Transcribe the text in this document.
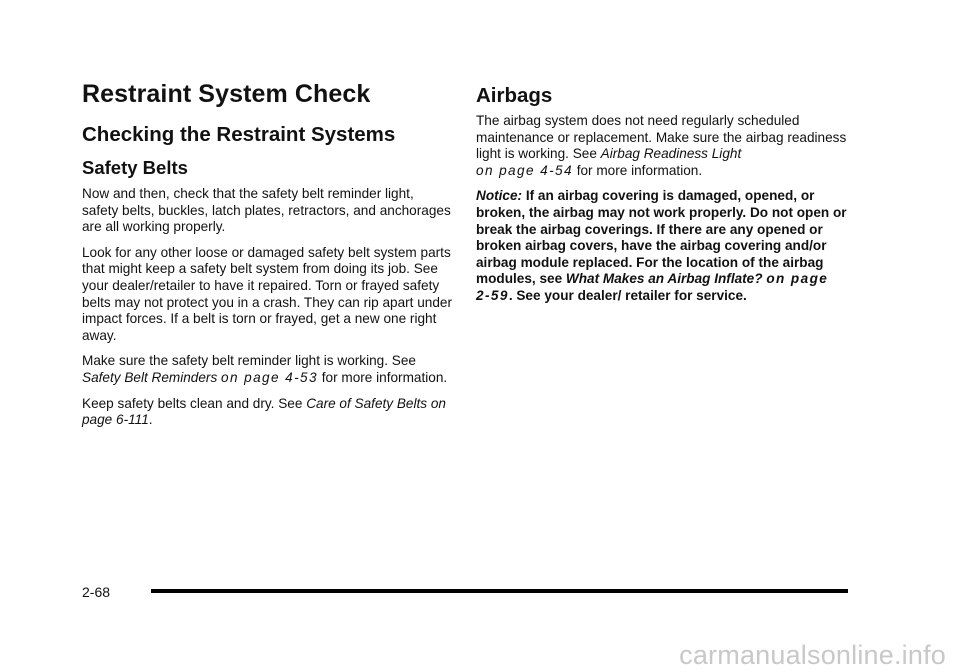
Restraint System Check
Checking the Restraint Systems
Safety Belts

Now and then, check that the safety belt reminder light, safety belts, buckles, latch plates, retractors, and anchorages are all working properly.

Look for any other loose or damaged safety belt system parts that might keep a safety belt system from doing its job. See your dealer/retailer to have it repaired. Torn or frayed safety belts may not protect you in a crash. They can rip apart under impact forces. If a belt is torn or frayed, get a new one right away.

Make sure the safety belt reminder light is working. See Safety Belt Reminders on page 4-53 for more information.

Keep safety belts clean and dry. See Care of Safety Belts on page 6-111.

Airbags

The airbag system does not need regularly scheduled maintenance or replacement. Make sure the airbag readiness light is working. See Airbag Readiness Light
on page 4-54 for more information.

Notice: If an airbag covering is damaged, opened, or broken, the airbag may not work properly. Do not open or break the airbag coverings. If there are any opened or broken airbag covers, have the airbag covering and/or airbag module replaced. For the location of the airbag modules, see What Makes an Airbag Inflate? on page 2-59. See your dealer/ retailer for service.

2-68
carmanualsonline.info
